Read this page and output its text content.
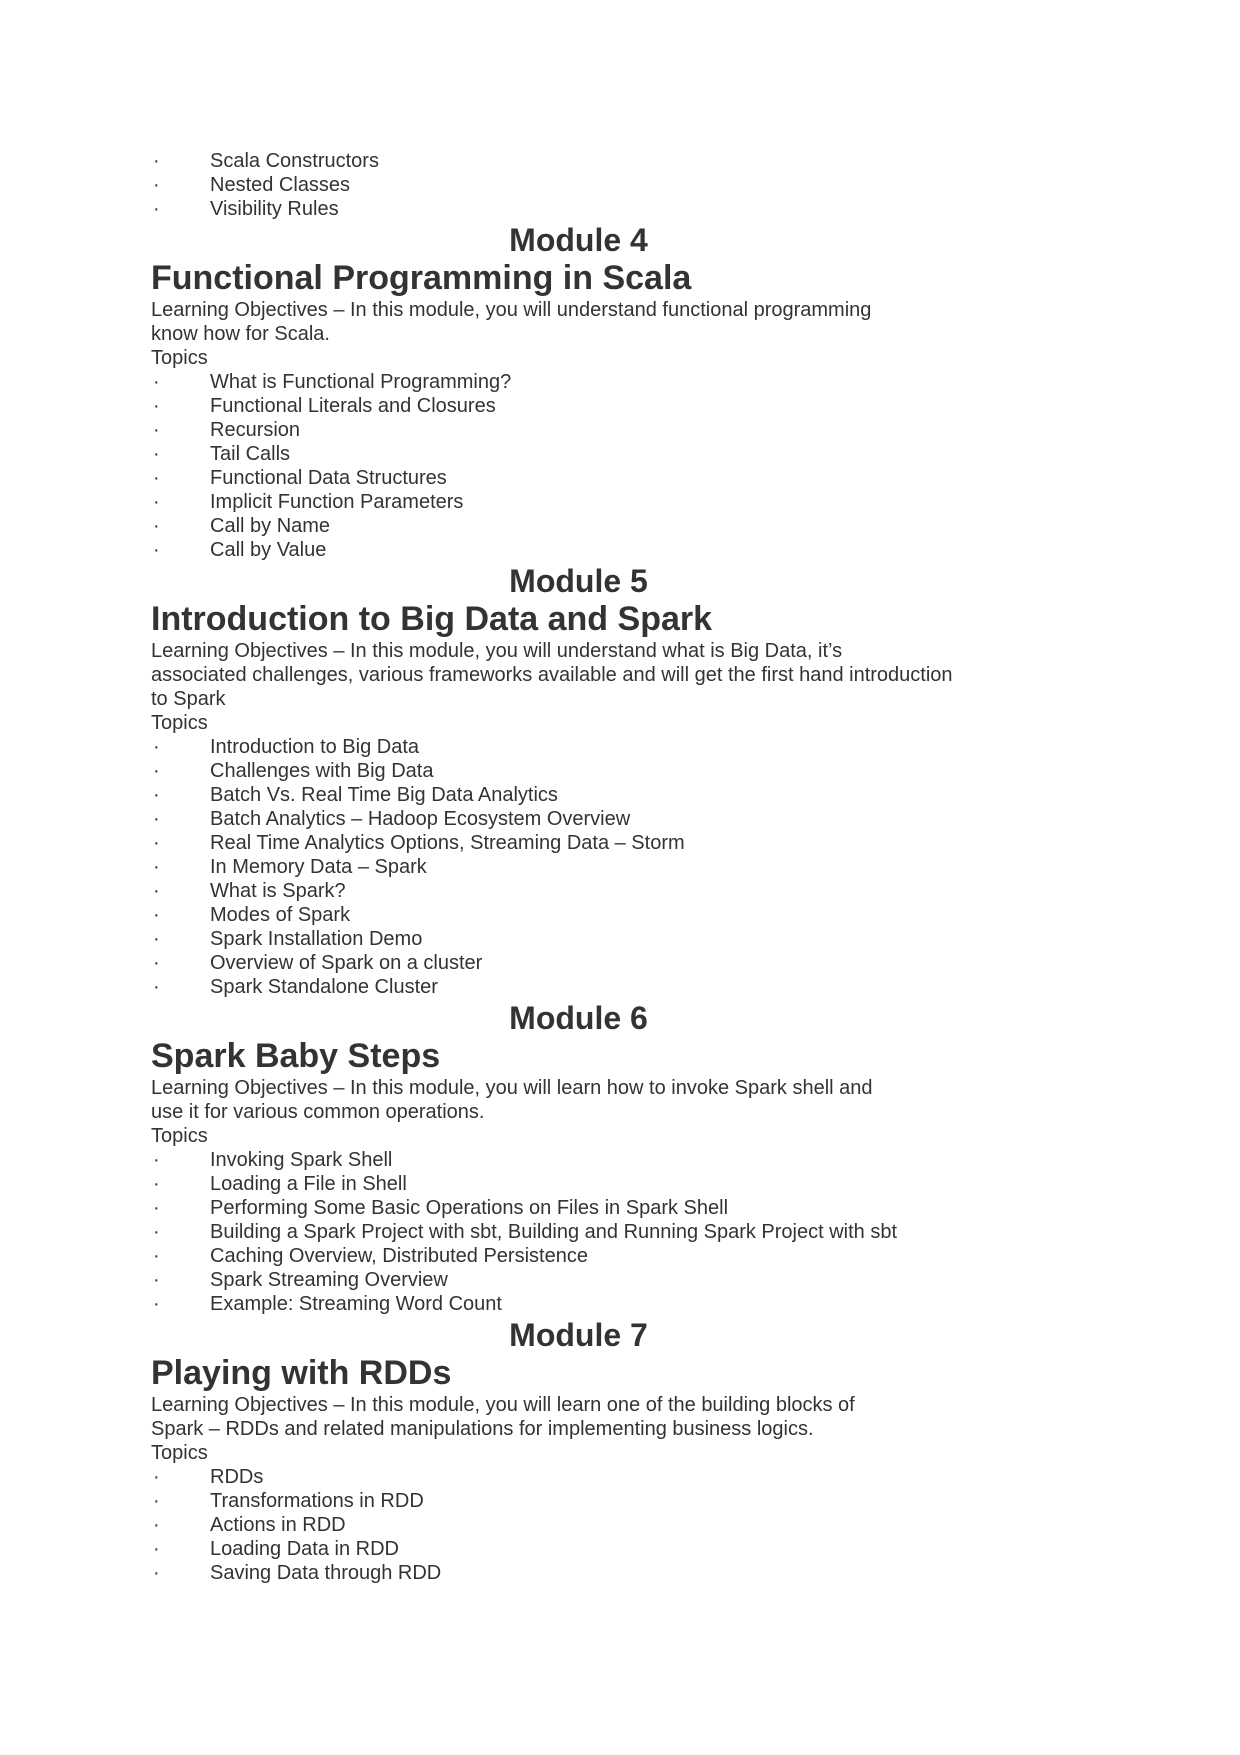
·	Scala Constructors
·	Nested Classes
·	Visibility Rules
Module 4
Functional Programming in Scala
Learning Objectives – In this module, you will understand functional programming
know how for Scala.
Topics
·	What is Functional Programming?
·	Functional Literals and Closures
·	Recursion
·	Tail Calls
·	Functional Data Structures
·	Implicit Function Parameters
·	Call by Name
·	Call by Value
Module 5
Introduction to Big Data and Spark
Learning Objectives – In this module, you will understand what is Big Data, it’s
associated challenges, various frameworks available and will get the first hand introduction
to Spark
Topics
·	Introduction to Big Data
·	Challenges with Big Data
·	Batch Vs. Real Time Big Data Analytics
·	Batch Analytics – Hadoop Ecosystem Overview
·	Real Time Analytics Options, Streaming Data – Storm
·	In Memory Data – Spark
·	What is Spark?
·	Modes of Spark
·	Spark Installation Demo
·	Overview of Spark on a cluster
·	Spark Standalone Cluster
Module 6
Spark Baby Steps
Learning Objectives – In this module, you will learn how to invoke Spark shell and
use it for various common operations.
Topics
·	Invoking Spark Shell
·	Loading a File in Shell
·	Performing Some Basic Operations on Files in Spark Shell
·	Building a Spark Project with sbt, Building and Running Spark Project with sbt
·	Caching Overview, Distributed Persistence
·	Spark Streaming Overview
·	Example: Streaming Word Count
Module 7
Playing with RDDs
Learning Objectives – In this module, you will learn one of the building blocks of
Spark – RDDs and related manipulations for implementing business logics.
Topics
·	RDDs
·	Transformations in RDD
·	Actions in RDD
·	Loading Data in RDD
·	Saving Data through RDD
